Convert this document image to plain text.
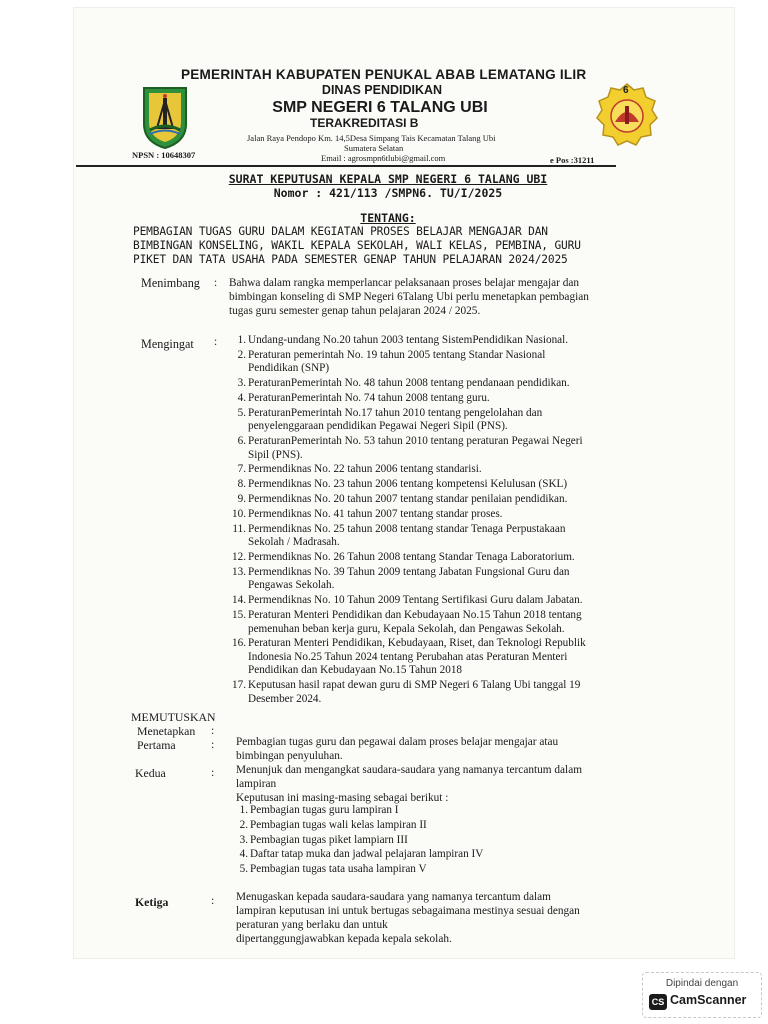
6
PEMERINTAH KABUPATEN PENUKAL ABAB LEMATANG ILIR
DINAS PENDIDIKAN
SMP NEGERI 6 TALANG UBI
TERAKREDITASI B
Jalan Raya Pendopo Km. 14,5Desa Simpang Tais Kecamatan Talang Ubi
Sumatera Selatan
Email : agrosmpn6tlubi@gmail.com
NPSN : 10648307	e Pos :31211
SURAT KEPUTUSAN KEPALA SMP NEGERI 6 TALANG UBI
Nomor : 421/113 /SMPN6. TU/I/2025
TENTANG:
PEMBAGIAN TUGAS GURU DALAM KEGIATAN PROSES BELAJAR MENGAJAR DAN
BIMBINGAN KONSELING, WAKIL KEPALA SEKOLAH, WALI KELAS, PEMBINA, GURU
PIKET DAN TATA USAHA PADA SEMESTER GENAP TAHUN PELAJARAN 2024/2025
Menimbang	:	Bahwa dalam rangka memperlancar pelaksanaan proses belajar mengajar dan
bimbingan konseling di SMP Negeri 6Talang Ubi perlu menetapkan pembagian
tugas guru semester genap tahun pelajaran 2024 / 2025.
Mengingat	:	1. Undang-undang No.20 tahun 2003 tentang SistemPendidikan Nasional.
2. Peraturan pemerintah No. 19 tahun 2005 tentang Standar Nasional
Pendidikan (SNP)
3. PeraturanPemerintah No. 48 tahun 2008 tentang pendanaan pendidikan.
4. PeraturanPemerintah No. 74 tahun 2008 tentang guru.
5. PeraturanPemerintah No.17 tahun 2010 tentang pengelolahan dan
penyelenggaraan pendidikan Pegawai Negeri Sipil (PNS).
6. PeraturanPemerintah No. 53 tahun 2010 tentang peraturan Pegawai Negeri
Sipil (PNS).
7. Permendiknas No. 22 tahun 2006 tentang standarisi.
8. Permendiknas No. 23 tahun 2006 tentang kompetensi Kelulusan (SKL)
9. Permendiknas No. 20 tahun 2007 tentang standar penilaian pendidikan.
10. Permendiknas No. 41 tahun 2007 tentang standar proses.
11. Permendiknas No. 25 tahun 2008 tentang standar Tenaga Perpustakaan
Sekolah / Madrasah.
12. Permendiknas No. 26 Tahun 2008 tentang Standar Tenaga Laboratorium.
13. Permendiknas No. 39 Tahun 2009 tentang Jabatan Fungsional Guru dan
Pengawas Sekolah.
14. Permendiknas No. 10 Tahun 2009 Tentang Sertifikasi Guru dalam Jabatan.
15. Peraturan Menteri Pendidikan dan Kebudayaan No.15 Tahun 2018 tentang
pemenuhan beban kerja guru, Kepala Sekolah, dan Pengawas Sekolah.
16. Peraturan Menteri Pendidikan, Kebudayaan, Riset, dan Teknologi Republik
Indonesia No.25 Tahun 2024 tentang Perubahan atas Peraturan Menteri
Pendidikan dan Kebudayaan No.15 Tahun 2018
17. Keputusan hasil rapat dewan guru di SMP Negeri 6 Talang Ubi tanggal 19
Desember 2024.
MEMUTUSKAN
Menetapkan	:
Pertama	:	Pembagian tugas guru dan pegawai dalam proses belajar mengajar atau
bimbingan penyuluhan.
Kedua	:	Menunjuk dan mengangkat saudara-saudara yang namanya tercantum dalam
lampiran
Keputusan ini masing-masing sebagai berikut :
1. Pembagian tugas guru lampiran I
2. Pembagian tugas wali kelas lampiran II
3. Pembagian tugas piket lampiarn III
4. Daftar tatap muka dan jadwal pelajaran lampiran IV
5. Pembagian tugas tata usaha lampiran V
Ketiga	:	Menugaskan kepada saudara-saudara yang namanya tercantum dalam
lampiran keputusan ini untuk bertugas sebagaimana mestinya sesuai dengan
peraturan yang berlaku dan untuk
dipertanggungjawabkan kepada kepala sekolah.
Dipindai dengan
CS CamScanner
